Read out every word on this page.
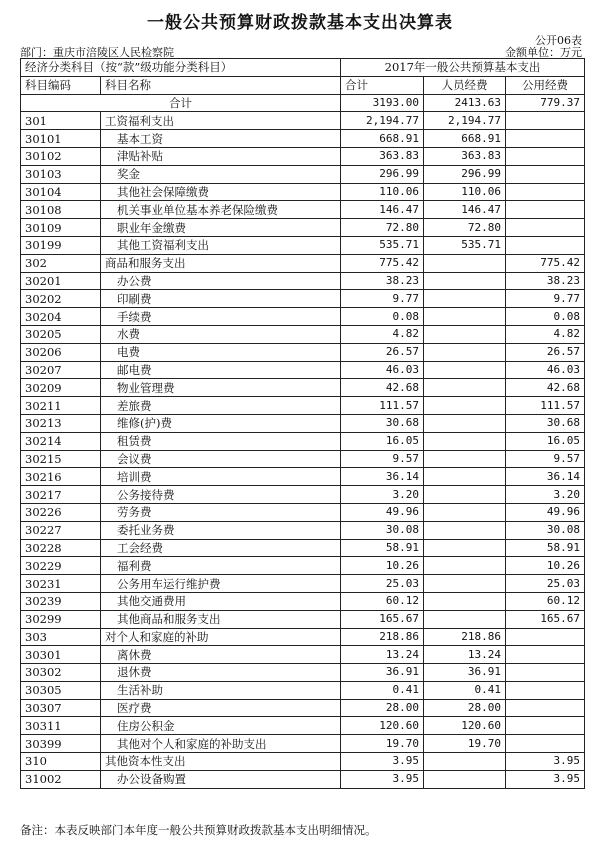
一般公共预算财政拨款基本支出决算表
公开06表
部门：重庆市涪陵区人民检察院	金额单位：万元
经济分类科目（按“款”级功能分类科目）		2017年一般公共预算基本支出		
科目编码	科目名称	合计	人员经费	公用经费
合计		3193.00	2413.63	779.37
301	工资福利支出	2,194.77	2,194.77	
30101	基本工资	668.91	668.91	
30102	津贴补贴	363.83	363.83	
30103	奖金	296.99	296.99	
30104	其他社会保障缴费	110.06	110.06	
30108	机关事业单位基本养老保险缴费	146.47	146.47	
30109	职业年金缴费	72.80	72.80	
30199	其他工资福利支出	535.71	535.71	
302	商品和服务支出	775.42		775.42
30201	办公费	38.23		38.23
30202	印刷费	9.77		9.77
30204	手续费	0.08		0.08
30205	水费	4.82		4.82
30206	电费	26.57		26.57
30207	邮电费	46.03		46.03
30209	物业管理费	42.68		42.68
30211	差旅费	111.57		111.57
30213	维修(护)费	30.68		30.68
30214	租赁费	16.05		16.05
30215	会议费	9.57		9.57
30216	培训费	36.14		36.14
30217	公务接待费	3.20		3.20
30226	劳务费	49.96		49.96
30227	委托业务费	30.08		30.08
30228	工会经费	58.91		58.91
30229	福利费	10.26		10.26
30231	公务用车运行维护费	25.03		25.03
30239	其他交通费用	60.12		60.12
30299	其他商品和服务支出	165.67		165.67
303	对个人和家庭的补助	218.86	218.86	
30301	离休费	13.24	13.24	
30302	退休费	36.91	36.91	
30305	生活补助	0.41	0.41	
30307	医疗费	28.00	28.00	
30311	住房公积金	120.60	120.60	
30399	其他对个人和家庭的补助支出	19.70	19.70	
310	其他资本性支出	3.95		3.95
31002	办公设备购置	3.95		3.95
备注：本表反映部门本年度一般公共预算财政拨款基本支出明细情况。
